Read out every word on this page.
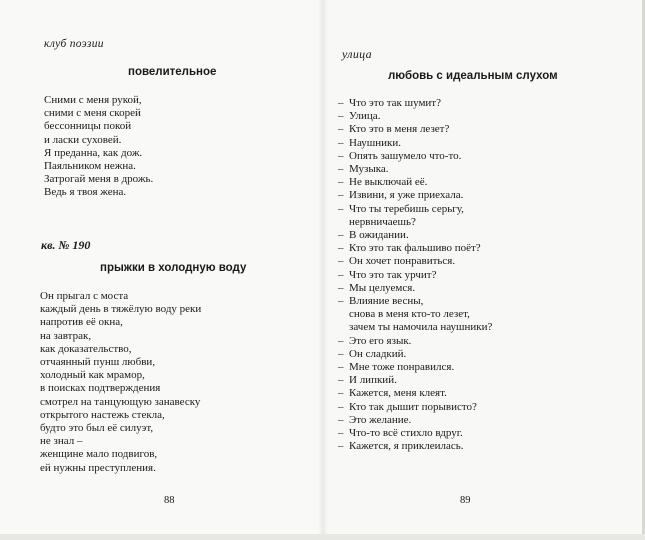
клуб поэзии
повелительное
Сними с меня рукой,
сними с меня скорей
бессонницы покой
и ласки суховей.
Я преданна, как дож.
Паяльником нежна.
Затрогай меня в дрожь.
Ведь я твоя жена.
кв. № 190
прыжки в холодную воду
Он прыгал с моста
каждый день в тяжёлую воду реки
напротив её окна,
на завтрак,
как доказательство,
отчаянный пунш любви,
холодный как мрамор,
в поисках подтверждения
смотрел на танцующую занавеску
открытого настежь стекла,
будто это был её силуэт,
не знал –
женщине мало подвигов,
ей нужны преступления.
88
улица
любовь с идеальным слухом
– Что это так шумит?
– Улица.
– Кто это в меня лезет?
– Наушники.
– Опять зашумело что-то.
– Музыка.
– Не выключай её.
– Извини, я уже приехала.
– Что ты теребишь серьгу,
нервничаешь?
– В ожидании.
– Кто это так фальшиво поёт?
– Он хочет понравиться.
– Что это так урчит?
– Мы целуемся.
– Влияние весны,
снова в меня кто-то лезет,
зачем ты намочила наушники?
– Это его язык.
– Он сладкий.
– Мне тоже понравился.
– И липкий.
– Кажется, меня клеят.
– Кто так дышит порывисто?
– Это желание.
– Что-то всё стихло вдруг.
– Кажется, я приклеилась.
89
